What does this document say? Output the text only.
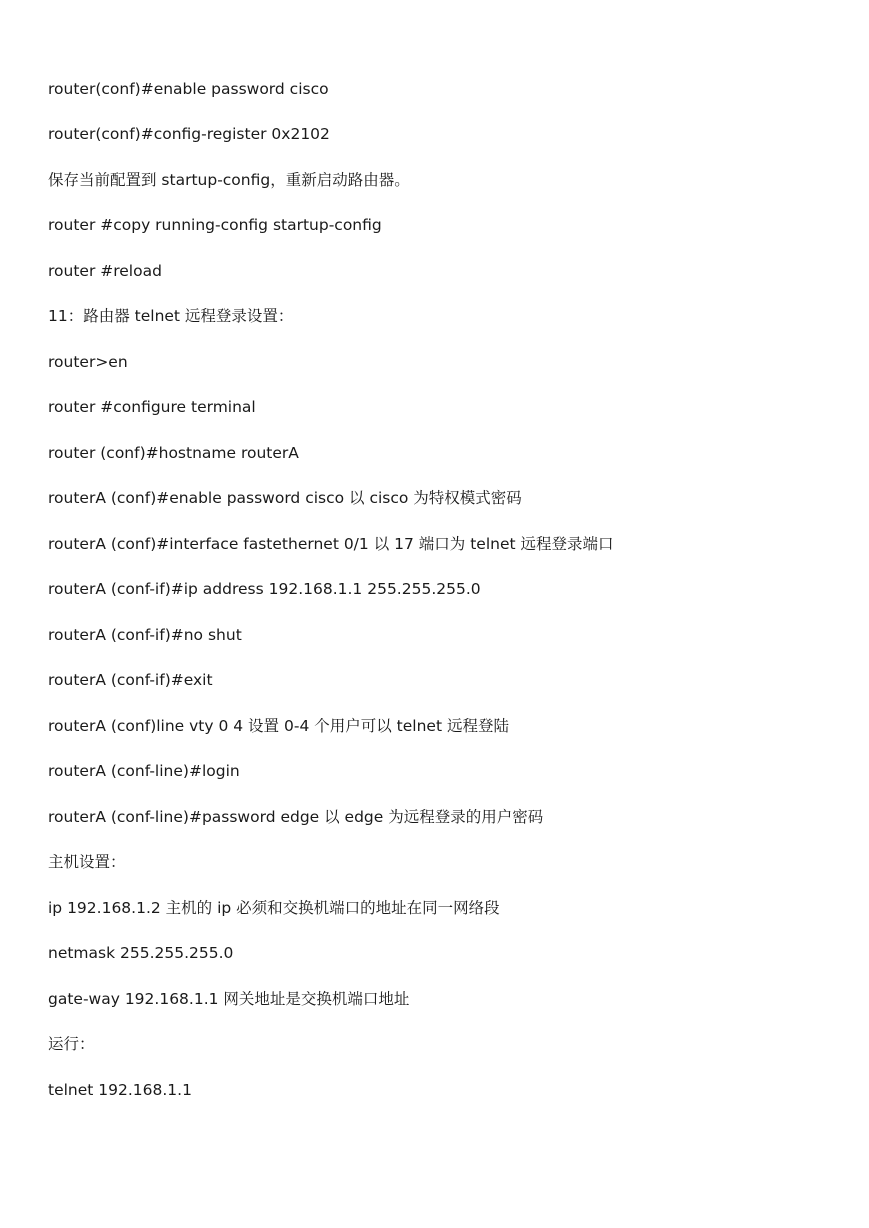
router(conf)#enable password cisco

router(conf)#config-register 0x2102

保存当前配置到 startup-config，重新启动路由器。

router #copy running-config startup-config

router #reload

11：路由器 telnet 远程登录设置：

router>en

router #configure terminal

router (conf)#hostname routerA

routerA (conf)#enable password cisco 以 cisco 为特权模式密码

routerA (conf)#interface fastethernet 0/1 以 17 端口为 telnet 远程登录端口

routerA (conf-if)#ip address 192.168.1.1 255.255.255.0

routerA (conf-if)#no shut

routerA (conf-if)#exit

routerA (conf)line vty 0 4 设置 0-4 个用户可以 telnet 远程登陆

routerA (conf-line)#login

routerA (conf-line)#password edge 以 edge 为远程登录的用户密码

主机设置：

ip 192.168.1.2 主机的 ip 必须和交换机端口的地址在同一网络段

netmask 255.255.255.0

gate-way 192.168.1.1 网关地址是交换机端口地址

运行：

telnet 192.168.1.1
